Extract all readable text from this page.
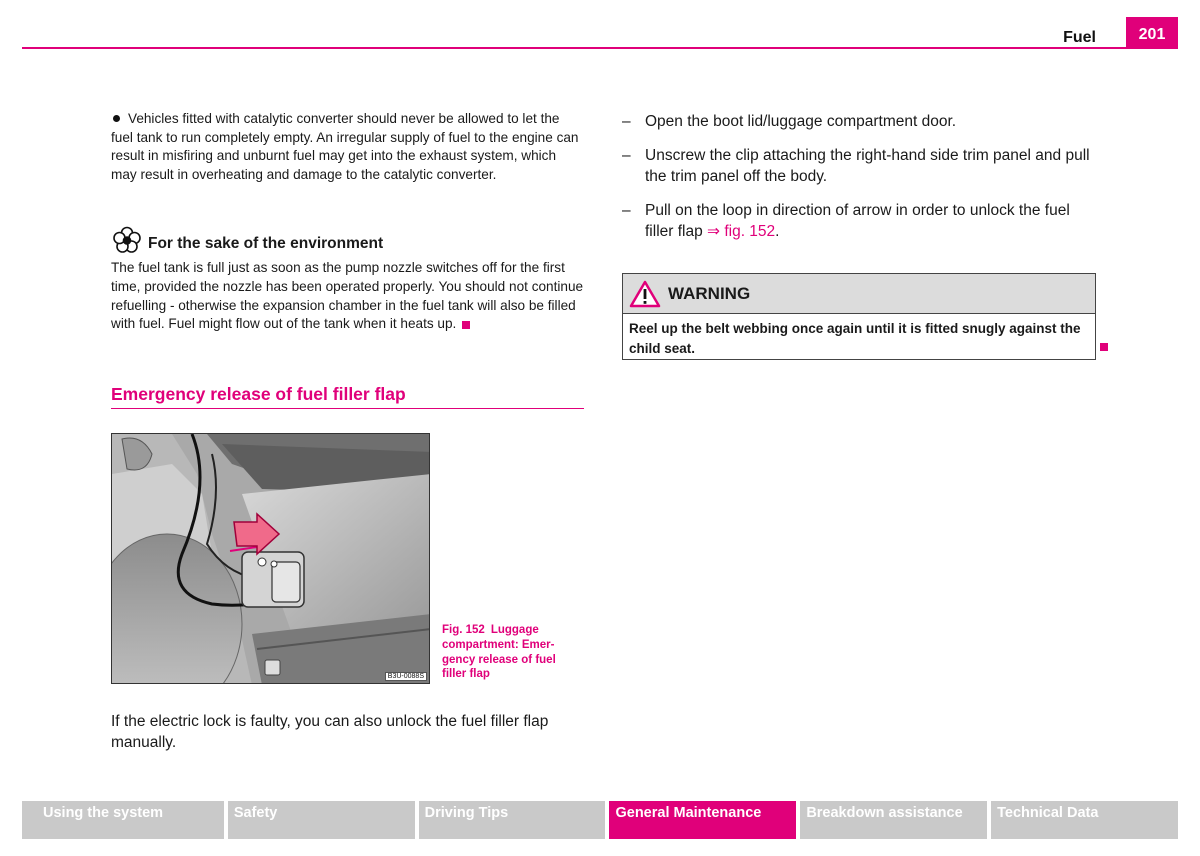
Fuel	201
Vehicles fitted with catalytic converter should never be allowed to let the fuel tank to run completely empty. An irregular supply of fuel to the engine can result in misfiring and unburnt fuel may get into the exhaust system, which may result in overheating and damage to the catalytic converter.
For the sake of the environment
The fuel tank is full just as soon as the pump nozzle switches off for the first time, provided the nozzle has been operated properly. You should not continue refuelling - otherwise the expansion chamber in the fuel tank will also be filled with fuel. Fuel might flow out of the tank when it heats up.
Emergency release of fuel filler flap
B3U-0088S
Fig. 152 Luggage compartment: Emer-gency release of fuel filler flap
If the electric lock is faulty, you can also unlock the fuel filler flap manually.
– Open the boot lid/luggage compartment door.
– Unscrew the clip attaching the right-hand side trim panel and pull the trim panel off the body.
– Pull on the loop in direction of arrow in order to unlock the fuel filler flap ⇒ fig. 152.
WARNING
Reel up the belt webbing once again until it is fitted snugly against the child seat.
Using the system	Safety	Driving Tips	General Maintenance	Breakdown assistance	Technical Data
